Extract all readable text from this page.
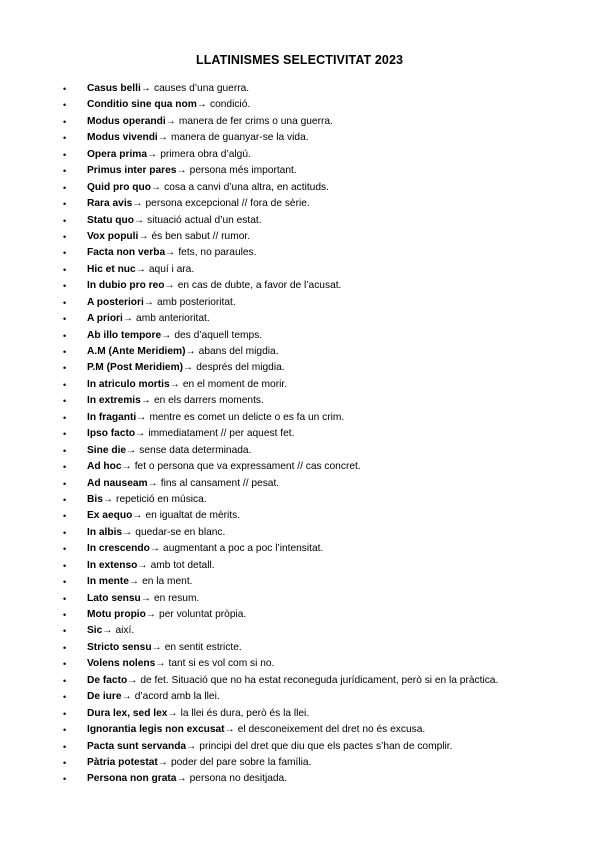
LLATINISMES SELECTIVITAT 2023
• Casus belli→ causes d’una guerra.
• Conditio sine qua nom→ condició.
• Modus operandi→ manera de fer crims o una guerra.
• Modus vivendi→ manera de guanyar-se la vida.
• Opera prima→ primera obra d’algú.
• Primus inter pares→ persona més important.
• Quid pro quo→ cosa a canvi d’una altra, en actituds.
• Rara avis→ persona excepcional // fora de sèrie.
• Statu quo→ situació actual d’un estat.
• Vox populi→ és ben sabut // rumor.
• Facta non verba→ fets, no paraules.
• Hic et nuc→ aquí i ara.
• In dubio pro reo→ en cas de dubte, a favor de l’acusat.
• A posteriori→ amb posterioritat.
• A priori→ amb anterioritat.
• Ab illo tempore→ des d’aquell temps.
• A.M (Ante Meridiem)→ abans del migdia.
• P.M (Post Meridiem)→ després del migdia.
• In atriculo mortis→ en el moment de morir.
• In extremis→ en els darrers moments.
• In fraganti→ mentre es comet un delicte o es fa un crim.
• Ipso facto→ immediatament // per aquest fet.
• Sine die→ sense data determinada.
• Ad hoc→ fet o persona que va expressament // cas concret.
• Ad nauseam→ fins al cansament // pesat.
• Bis→ repetició en música.
• Ex aequo→ en igualtat de mèrits.
• In albis→ quedar-se en blanc.
• In crescendo→ augmentant a poc a poc l’intensitat.
• In extenso→ amb tot detall.
• In mente→ en la ment.
• Lato sensu→ en resum.
• Motu propio→ per voluntat pròpia.
• Sic→ així.
• Stricto sensu→ en sentit estricte.
• Volens nolens→ tant si es vol com si no.
• De facto→ de fet. Situació que no ha estat reconeguda jurídicament, però si en la pràctica.
• De iure→ d’acord amb la llei.
• Dura lex, sed lex→ la llei és dura, però és la llei.
• Ignorantia legis non excusat→ el desconeixement del dret no és excusa.
• Pacta sunt servanda→ principi del dret que diu que els pactes s’han de complir.
• Pàtria potestat→ poder del pare sobre la família.
• Persona non grata→ persona no desitjada.
